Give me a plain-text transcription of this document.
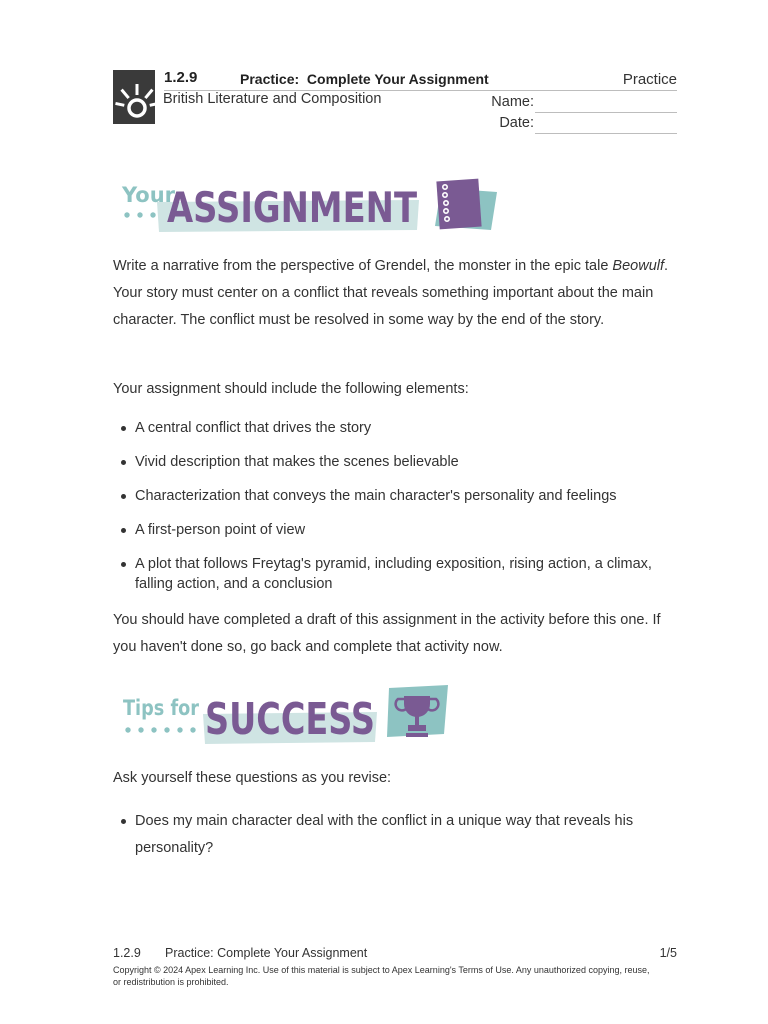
1.2.9	Practice:  Complete Your Assignment	Practice
British Literature and Composition	Name:
Date:
Your
ASSIGNMENT
Write a narrative from the perspective of Grendel, the monster in the epic tale Beowulf. Your story must center on a conflict that reveals something important about the main character. The conflict must be resolved in some way by the end of the story.
Your assignment should include the following elements:
A central conflict that drives the story
Vivid description that makes the scenes believable
Characterization that conveys the main character's personality and feelings
A first-person point of view
A plot that follows Freytag's pyramid, including exposition, rising action, a climax, falling action, and a conclusion
You should have completed a draft of this assignment in the activity before this one. If you haven't done so, go back and complete that activity now.
Tips for SUCCESS
Ask yourself these questions as you revise:
Does my main character deal with the conflict in a unique way that reveals his personality?
1.2.9 Practice: Complete Your Assignment	1/5
Copyright © 2024 Apex Learning Inc. Use of this material is subject to Apex Learning's Terms of Use. Any unauthorized copying, reuse, or redistribution is prohibited.
